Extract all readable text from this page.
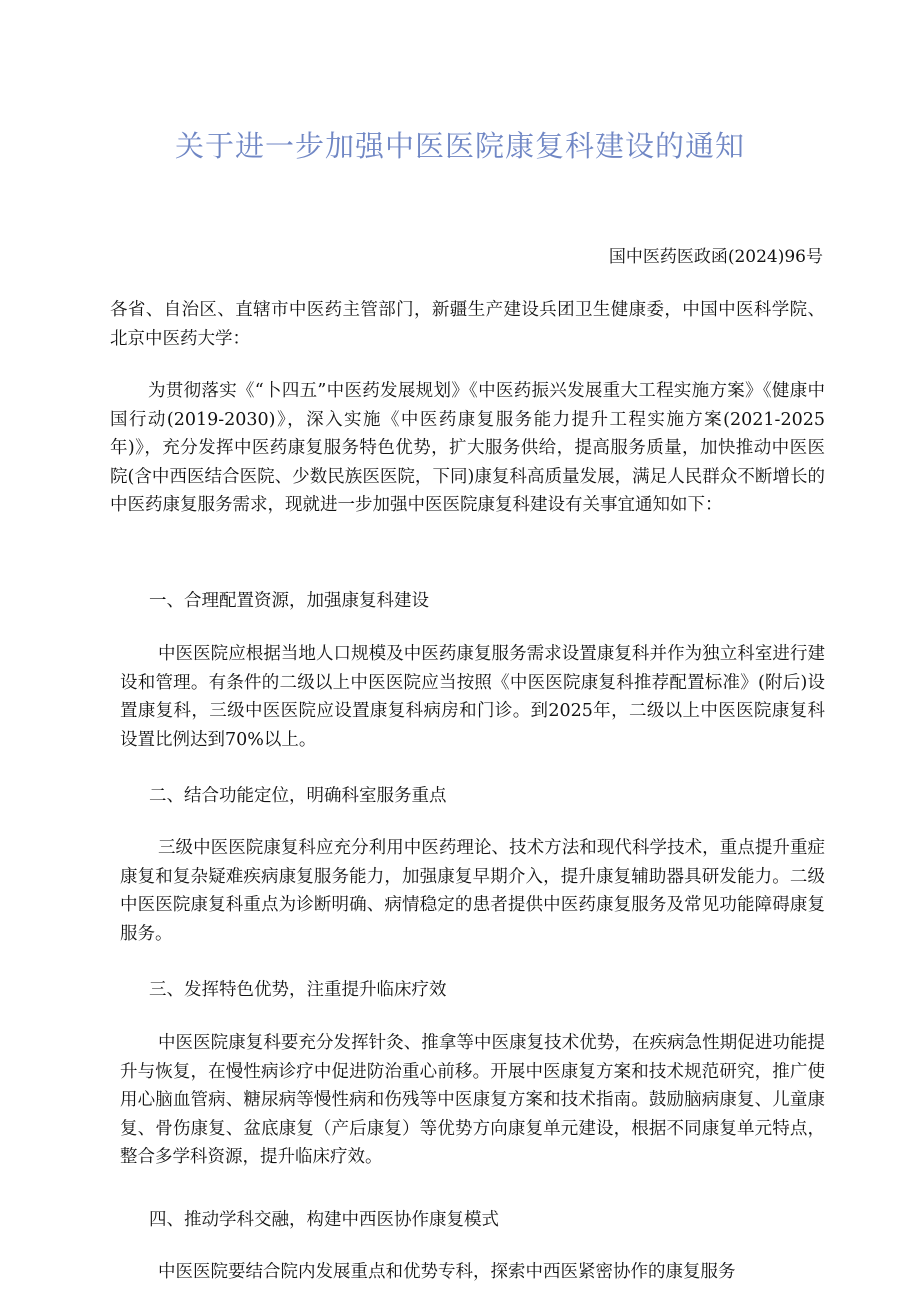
关于进一步加强中医医院康复科建设的通知

国中医药医政函(2024)96号

各省、自治区、直辖市中医药主管部门，新疆生产建设兵团卫生健康委，中国中医科学院、北京中医药大学：

为贯彻落实《“卜四五”中医药发展规划》《中医药振兴发展重大工程实施方案》《健康中国行动(2019-2030)》，深入实施《中医药康复服务能力提升工程实施方案(2021-2025年)》，充分发挥中医药康复服务特色优势，扩大服务供给，提高服务质量，加快推动中医医院(含中西医结合医院、少数民族医医院，下同)康复科高质量发展，满足人民群众不断增长的中医药康复服务需求，现就进一步加强中医医院康复科建设有关事宜通知如下：

一、合理配置资源，加强康复科建设

中医医院应根据当地人口规模及中医药康复服务需求设置康复科并作为独立科室进行建设和管理。有条件的二级以上中医医院应当按照《中医医院康复科推荐配置标准》(附后)设置康复科，三级中医医院应设置康复科病房和门诊。到2025年，二级以上中医医院康复科设置比例达到70%以上。

二、结合功能定位，明确科室服务重点

三级中医医院康复科应充分利用中医药理论、技术方法和现代科学技术，重点提升重症康复和复杂疑难疾病康复服务能力，加强康复早期介入，提升康复辅助器具研发能力。二级中医医院康复科重点为诊断明确、病情稳定的患者提供中医药康复服务及常见功能障碍康复服务。

三、发挥特色优势，注重提升临床疗效

中医医院康复科要充分发挥针灸、推拿等中医康复技术优势，在疾病急性期促进功能提升与恢复，在慢性病诊疗中促进防治重心前移。开展中医康复方案和技术规范研究，推广使用心脑血管病、糖尿病等慢性病和伤残等中医康复方案和技术指南。鼓励脑病康复、儿童康复、骨伤康复、盆底康复（产后康复）等优势方向康复单元建设，根据不同康复单元特点，整合多学科资源，提升临床疗效。

四、推动学科交融，构建中西医协作康复模式

中医医院要结合院内发展重点和优势专科，探索中西医紧密协作的康复服务
